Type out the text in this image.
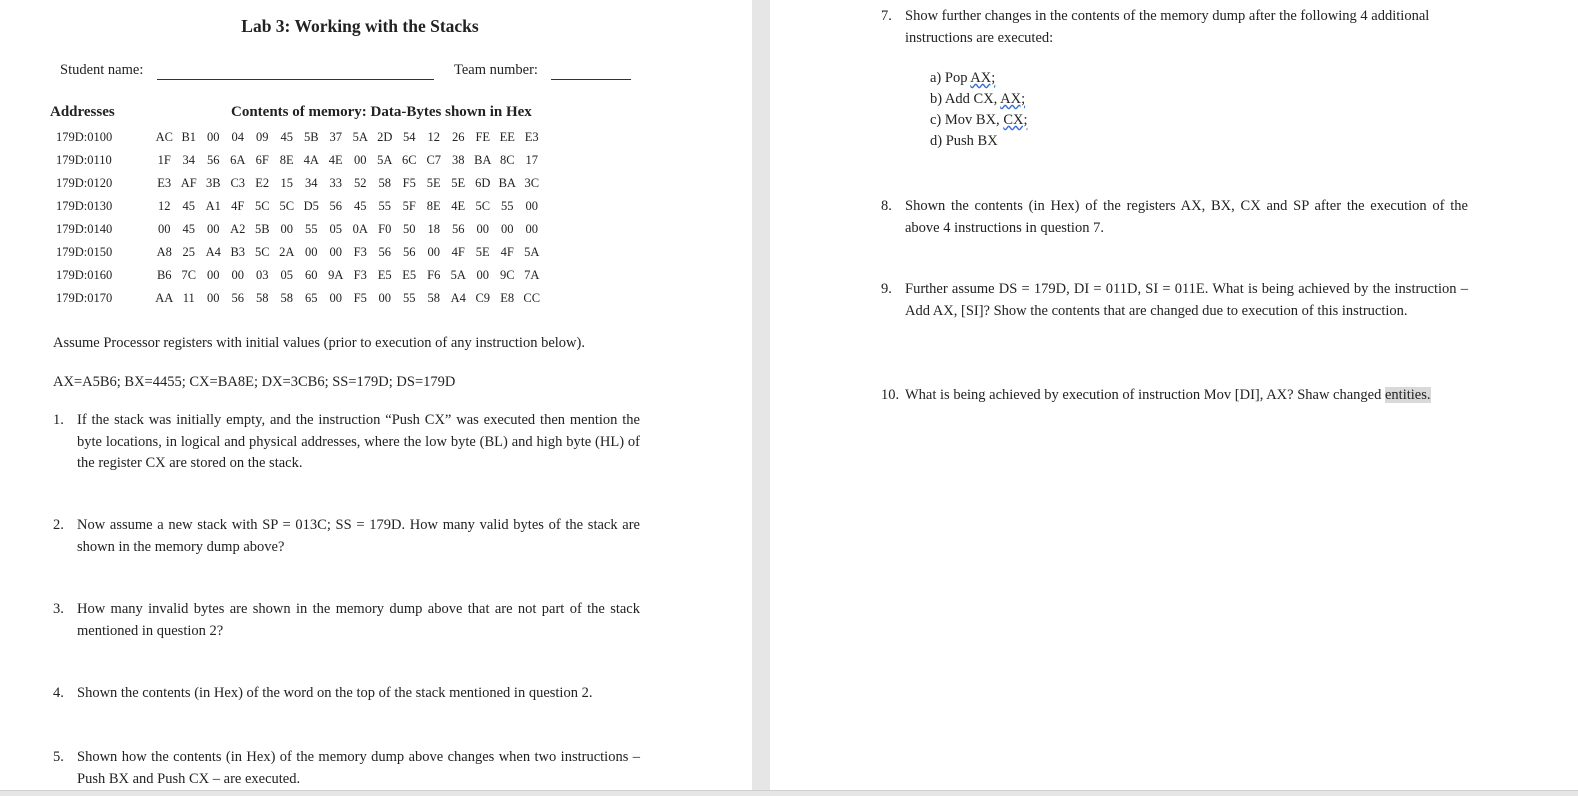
Lab 3: Working with the Stacks
Student name:	Team number:
Addresses	Contents of memory: Data-Bytes shown in Hex
179D:0100	AC	B1	00	04	09	45	5B	37	5A	2D	54	12	26	FE	EE	E3
179D:0110	1F	34	56	6A	6F	8E	4A	4E	00	5A	6C	C7	38	BA	8C	17
179D:0120	E3	AF	3B	C3	E2	15	34	33	52	58	F5	5E	5E	6D	BA	3C
179D:0130	12	45	A1	4F	5C	5C	D5	56	45	55	5F	8E	4E	5C	55	00
179D:0140	00	45	00	A2	5B	00	55	05	0A	F0	50	18	56	00	00	00
179D:0150	A8	25	A4	B3	5C	2A	00	00	F3	56	56	00	4F	5E	4F	5A
179D:0160	B6	7C	00	00	03	05	60	9A	F3	E5	E5	F6	5A	00	9C	7A
179D:0170	AA	11	00	56	58	58	65	00	F5	00	55	58	A4	C9	E8	CC
Assume Processor registers with initial values (prior to execution of any instruction below).
AX=A5B6; BX=4455; CX=BA8E; DX=3CB6; SS=179D; DS=179D
1. If the stack was initially empty, and the instruction “Push CX” was executed then mention the byte locations, in logical and physical addresses, where the low byte (BL) and high byte (HL) of the register CX are stored on the stack.
2. Now assume a new stack with SP = 013C; SS = 179D. How many valid bytes of the stack are shown in the memory dump above?
3. How many invalid bytes are shown in the memory dump above that are not part of the stack mentioned in question 2?
4. Shown the contents (in Hex) of the word on the top of the stack mentioned in question 2.
5. Shown how the contents (in Hex) of the memory dump above changes when two instructions – Push BX and Push CX – are executed.
7. Show further changes in the contents of the memory dump after the following 4 additional instructions are executed:
a) Pop AX;
b) Add CX, AX;
c) Mov BX, CX;
d) Push BX
8. Shown the contents (in Hex) of the registers AX, BX, CX and SP after the execution of the above 4 instructions in question 7.
9. Further assume DS = 179D, DI = 011D, SI = 011E. What is being achieved by the instruction – Add AX, [SI]? Show the contents that are changed due to execution of this instruction.
10. What is being achieved by execution of instruction Mov [DI], AX? Shaw changed entities.
